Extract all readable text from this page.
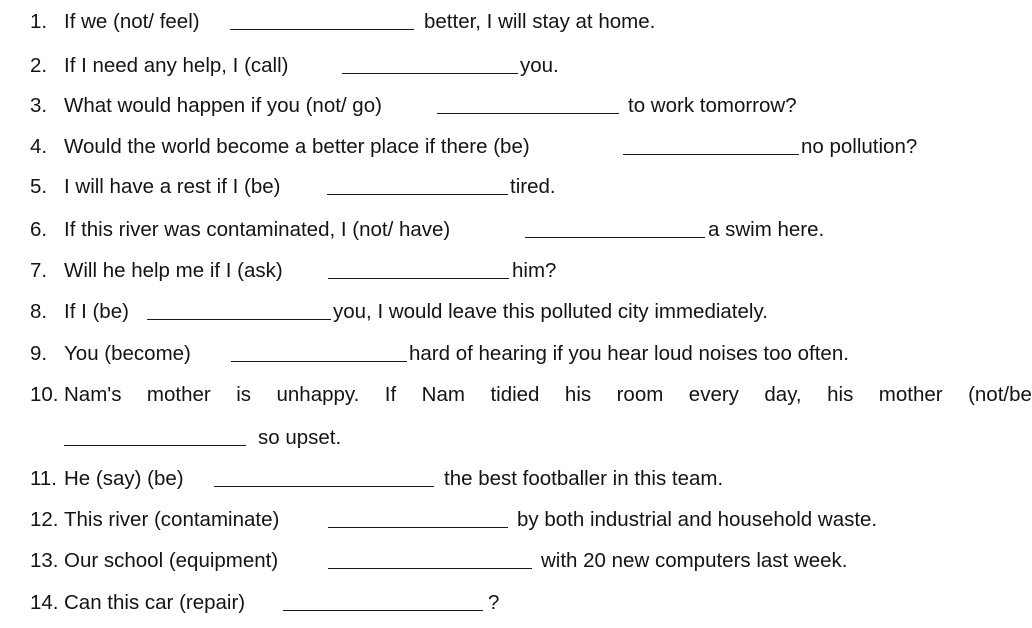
1. If we (not/ feel)	better, I will stay at home.
2. If I need any help, I (call)	you.
3. What would happen if you (not/ go)	to work tomorrow?
4. Would the world become a better place if there (be)	no pollution?
5. I will have a rest if I (be)	tired.
6. If this river was contaminated, I (not/ have)	a swim here.
7. Will he help me if I (ask)	him?
8. If I (be)	you, I would leave this polluted city immediately.
9. You (become)	hard of hearing if you hear loud noises too often.
10. Nam's mother is unhappy. If Nam tidied his room every day, his mother (not/be
so upset.
11. He (say) (be)	the best footballer in this team.
12. This river (contaminate)	by both industrial and household waste.
13. Our school (equipment)	with 20 new computers last week.
14. Can this car (repair)	?
